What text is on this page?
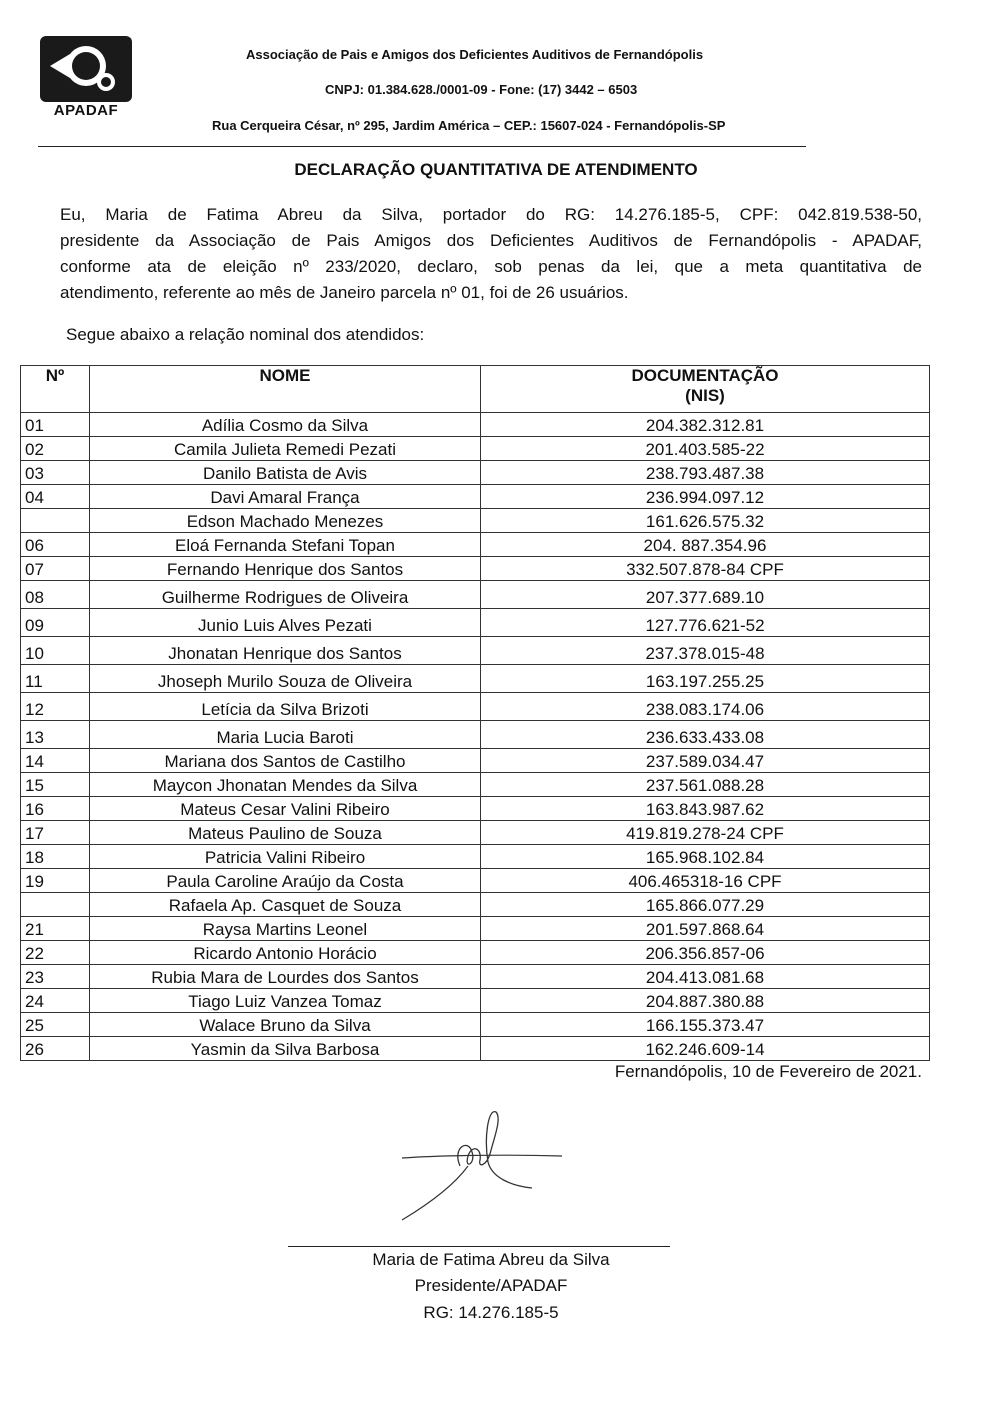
APADAF
Associação de Pais e Amigos dos Deficientes Auditivos de Fernandópolis
CNPJ: 01.384.628./0001-09 - Fone: (17) 3442 – 6503
Rua Cerqueira César, nº 295, Jardim América – CEP.: 15607-024 - Fernandópolis-SP
DECLARAÇÃO QUANTITATIVA DE ATENDIMENTO
Eu, Maria de Fatima Abreu da Silva, portador do RG: 14.276.185-5, CPF: 042.819.538-50,
presidente da Associação de Pais Amigos dos Deficientes Auditivos de Fernandópolis - APADAF,
conforme ata de eleição nº 233/2020, declaro, sob penas da lei, que a meta quantitativa de
atendimento, referente ao mês de Janeiro parcela nº 01, foi de 26 usuários.
Segue abaixo a relação nominal dos atendidos:
Nº	NOME	DOCUMENTAÇÃO
(NIS)
01	Adília Cosmo da Silva	204.382.312.81
02	Camila Julieta Remedi Pezati	201.403.585-22
03	Danilo Batista de Avis	238.793.487.38
04	Davi Amaral França	236.994.097.12
	Edson Machado Menezes	161.626.575.32
06	Eloá Fernanda Stefani Topan	204. 887.354.96
07	Fernando Henrique dos Santos	332.507.878-84 CPF
08	Guilherme Rodrigues de Oliveira	207.377.689.10
09	Junio Luis Alves Pezati	127.776.621-52
10	Jhonatan Henrique dos Santos	237.378.015-48
11	Jhoseph Murilo Souza de Oliveira	163.197.255.25
12	Letícia da Silva Brizoti	238.083.174.06
13	Maria Lucia Baroti	236.633.433.08
14	Mariana dos Santos de Castilho	237.589.034.47
15	Maycon Jhonatan Mendes da Silva	237.561.088.28
16	Mateus Cesar Valini Ribeiro	163.843.987.62
17	Mateus Paulino de Souza	419.819.278-24 CPF
18	Patricia Valini Ribeiro	165.968.102.84
19	Paula Caroline Araújo da Costa	406.465318-16 CPF
	Rafaela Ap. Casquet de Souza	165.866.077.29
21	Raysa Martins Leonel	201.597.868.64
22	Ricardo Antonio Horácio	206.356.857-06
23	Rubia Mara de Lourdes dos Santos	204.413.081.68
24	Tiago Luiz Vanzea Tomaz	204.887.380.88
25	Walace Bruno da Silva	166.155.373.47
26	Yasmin da Silva Barbosa	162.246.609-14
Fernandópolis, 10 de Fevereiro de 2021.
Maria de Fatima Abreu da Silva
Presidente/APADAF
RG: 14.276.185-5
